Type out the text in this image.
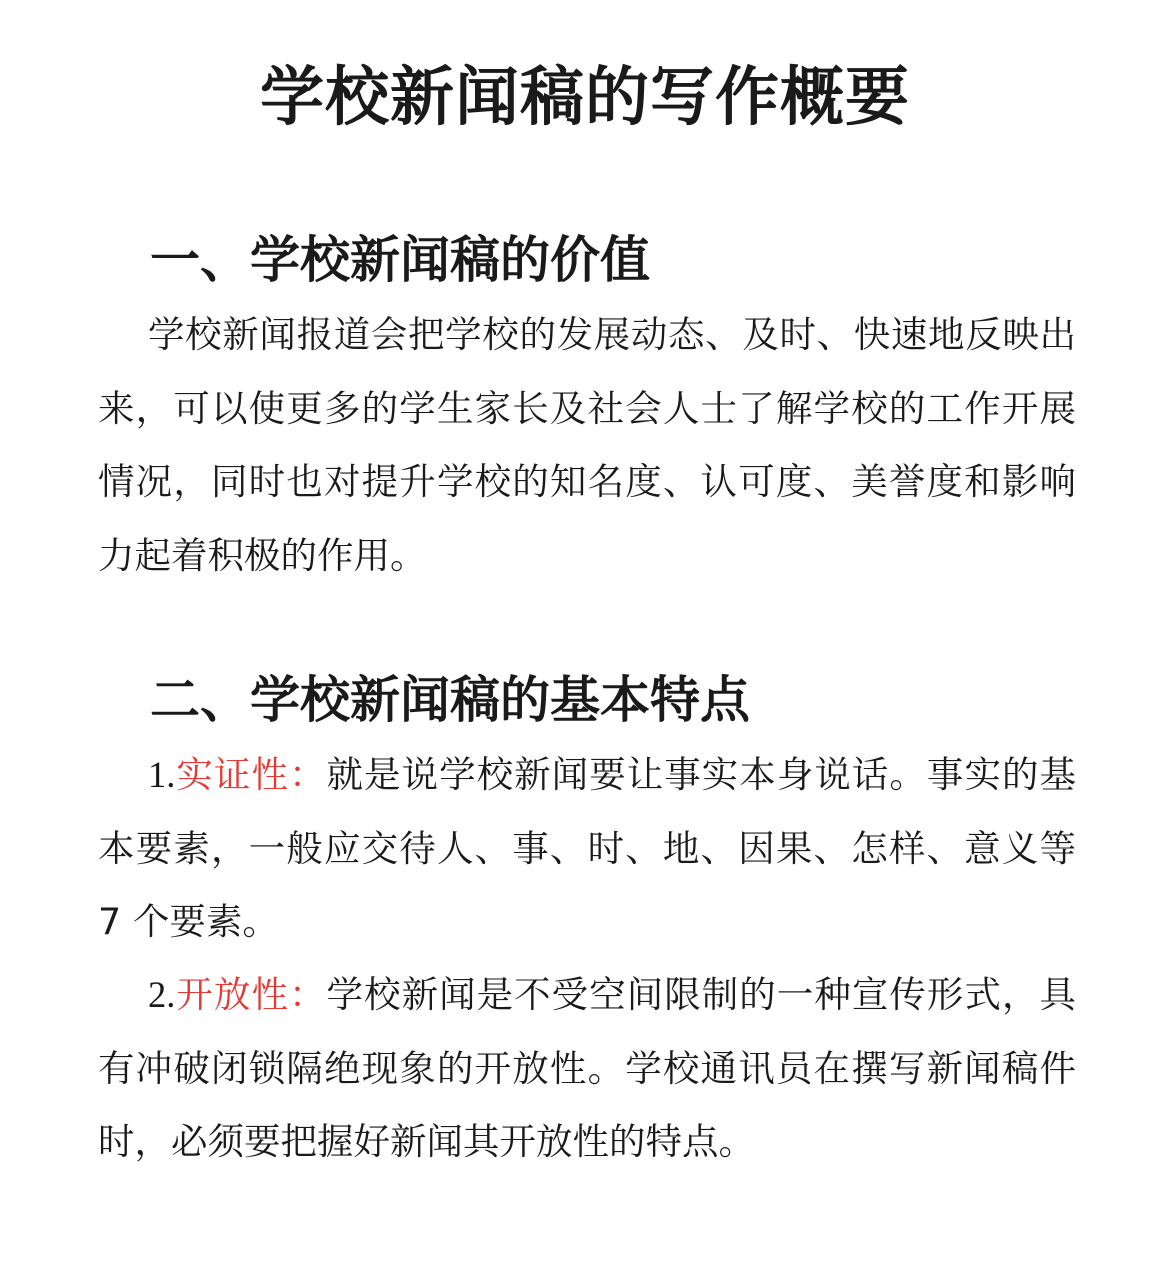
学校新闻稿的写作概要
一、学校新闻稿的价值

学校新闻报道会把学校的发展动态、及时、快速地反映出来，可以使更多的学生家长及社会人士了解学校的工作开展情况，同时也对提升学校的知名度、认可度、美誉度和影响力起着积极的作用。

二、学校新闻稿的基本特点

1.实证性：就是说学校新闻要让事实本身说话。事实的基本要素，一般应交待人、事、时、地、因果、怎样、意义等 7 个要素。

2.开放性：学校新闻是不受空间限制的一种宣传形式，具有冲破闭锁隔绝现象的开放性。学校通讯员在撰写新闻稿件时，必须要把握好新闻其开放性的特点。
